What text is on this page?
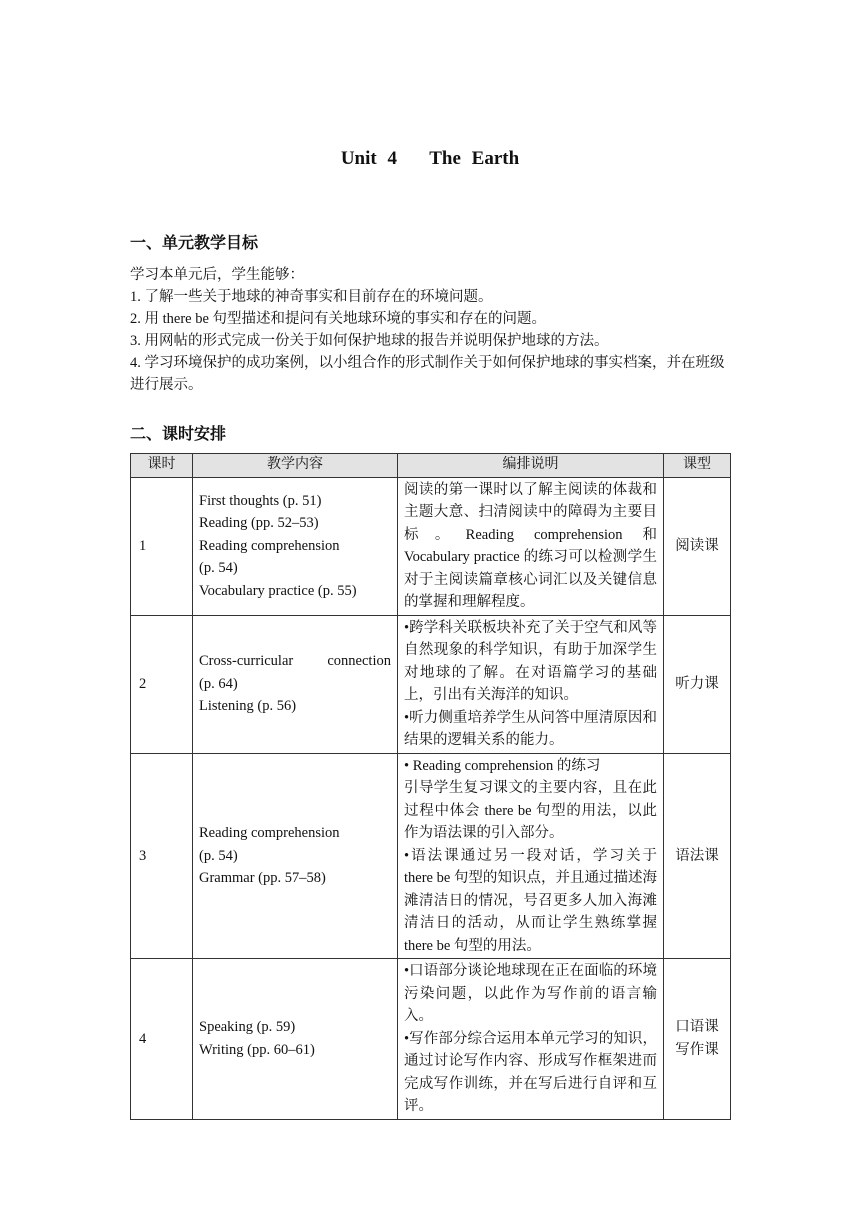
Unit 4   The Earth
一、单元教学目标

学习本单元后，学生能够：

1. 了解一些关于地球的神奇事实和目前存在的环境问题。

2. 用 there be 句型描述和提问有关地球环境的事实和存在的问题。

3. 用网帖的形式完成一份关于如何保护地球的报告并说明保护地球的方法。

4. 学习环境保护的成功案例，以小组合作的形式制作关于如何保护地球的事实档案，并在班级进行展示。

二、课时安排
课时	教学内容	编排说明	课型
1	First thoughts (p. 51)
Reading (pp. 52–53)
Reading comprehension
(p. 54)
Vocabulary practice (p. 55)	阅读的第一课时以了解主阅读的体裁和主题大意、扫清阅读中的障碍为主要目标。Reading comprehension 和 Vocabulary practice 的练习可以检测学生对于主阅读篇章核心词汇以及关键信息的掌握和理解程度。	阅读课
2	Cross-curricular connection
(p. 64)
Listening (p. 56)	•跨学科关联板块补充了关于空气和风等自然现象的科学知识，有助于加深学生对地球的了解。在对语篇学习的基础上，引出有关海洋的知识。
•听力侧重培养学生从问答中厘清原因和结果的逻辑关系的能力。	听力课
3	Reading comprehension
(p. 54)
Grammar (pp. 57–58)	• Reading comprehension 的练习
引导学生复习课文的主要内容，且在此过程中体会 there be 句型的用法，以此作为语法课的引入部分。
•语法课通过另一段对话，学习关于 there be 句型的知识点，并且通过描述海滩清洁日的情况，号召更多人加入海滩清洁日的活动，从而让学生熟练掌握 there be 句型的用法。	语法课
4	Speaking (p. 59)
Writing (pp. 60–61)	•口语部分谈论地球现在正在面临的环境污染问题，以此作为写作前的语言输入。
•写作部分综合运用本单元学习的知识，通过讨论写作内容、形成写作框架进而完成写作训练，并在写后进行自评和互评。	口语课
写作课
